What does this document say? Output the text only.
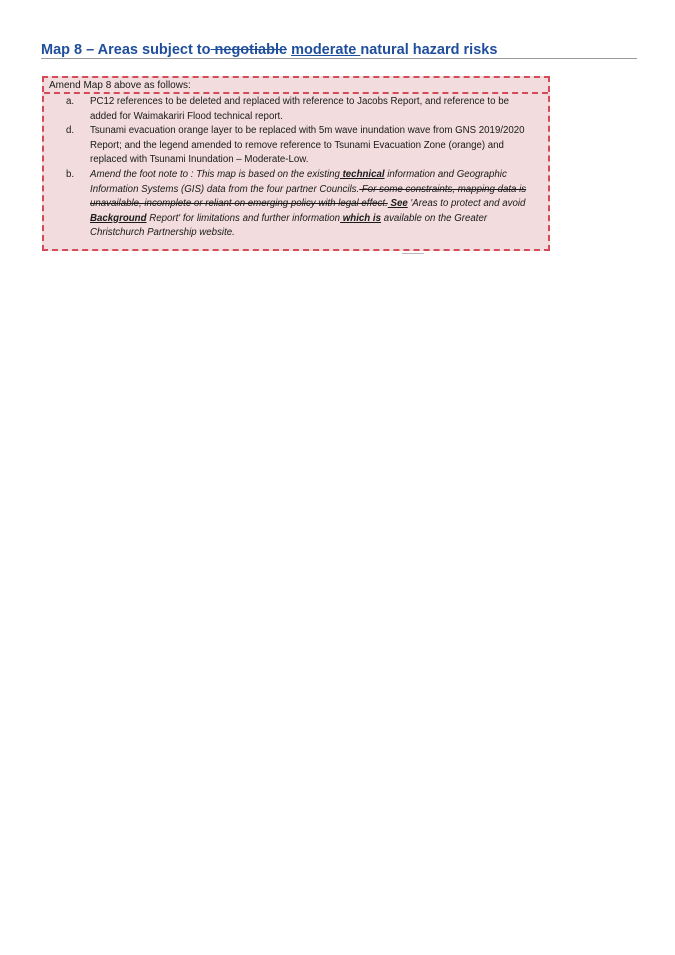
Map 8 – Areas subject to negotiable moderate natural hazard risks
Amend Map 8 above as follows:
a.	PC12 references to be deleted and replaced with reference to Jacobs Report, and reference to be added for Waimakariri Flood technical report.
d.	Tsunami evacuation orange layer to be replaced with 5m wave inundation wave from GNS 2019/2020 Report; and the legend amended to remove reference to Tsunami Evacuation Zone (orange) and replaced with Tsunami Inundation – Moderate-Low.
b.	Amend the foot note to : This map is based on the existing technical information and Geographic Information Systems (GIS) data from the four partner Councils. For some constraints, mapping data is unavailable, incomplete or reliant on emerging policy with legal effect. See 'Areas to protect and avoid Background Report' for limitations and further information which is available on the Greater Christchurch Partnership website.
